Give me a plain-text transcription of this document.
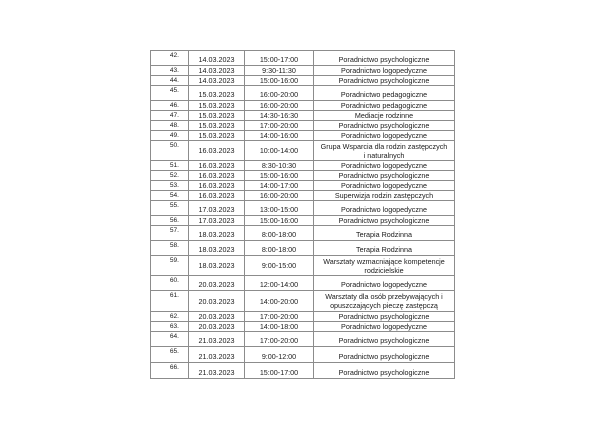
42.	14.03.2023	15:00-17:00	Poradnictwo psychologiczne
43.	14.03.2023	9:30-11:30	Poradnictwo logopedyczne
44.	14.03.2023	15:00-16:00	Poradnictwo psychologiczne
45.	15.03.2023	16:00-20:00	Poradnictwo pedagogiczne
46.	15.03.2023	16:00-20:00	Poradnictwo pedagogiczne
47.	15.03.2023	14:30-16:30	Mediacje rodzinne
48.	15.03.2023	17:00-20:00	Poradnictwo psychologiczne
49.	15.03.2023	14:00-16:00	Poradnictwo logopedyczne
50.	16.03.2023	10:00-14:00	Grupa Wsparcia dla rodzin zastępczych
i naturalnych

51.	16.03.2023	8:30-10:30	Poradnictwo logopedyczne
52.	16.03.2023	15:00-16:00	Poradnictwo psychologiczne
53.	16.03.2023	14:00-17:00	Poradnictwo logopedyczne
54.	16.03.2023	16:00-20:00	Superwizja rodzin zastępczych
55.	17.03.2023	13:00-15:00	Poradnictwo logopedyczne
56.	17.03.2023	15:00-16:00	Poradnictwo psychologiczne
57.	18.03.2023	8:00-18:00	Terapia Rodzinna
58.	18.03.2023	8:00-18:00	Terapia Rodzinna
59.	18.03.2023	9:00-15:00	Warsztaty wzmacniające kompetencje
rodzicielskie

60.	20.03.2023	12:00-14:00	Poradnictwo logopedyczne
61.	20.03.2023	14:00-20:00	Warsztaty dla osób przebywających i
opuszczających pieczę zastępczą

62.	20.03.2023	17:00-20:00	Poradnictwo psychologiczne
63.	20.03.2023	14:00-18:00	Poradnictwo logopedyczne
64.	21.03.2023	17:00-20:00	Poradnictwo psychologiczne
65.	21.03.2023	9:00-12:00	Poradnictwo psychologiczne
66.	21.03.2023	15:00-17:00	Poradnictwo psychologiczne
